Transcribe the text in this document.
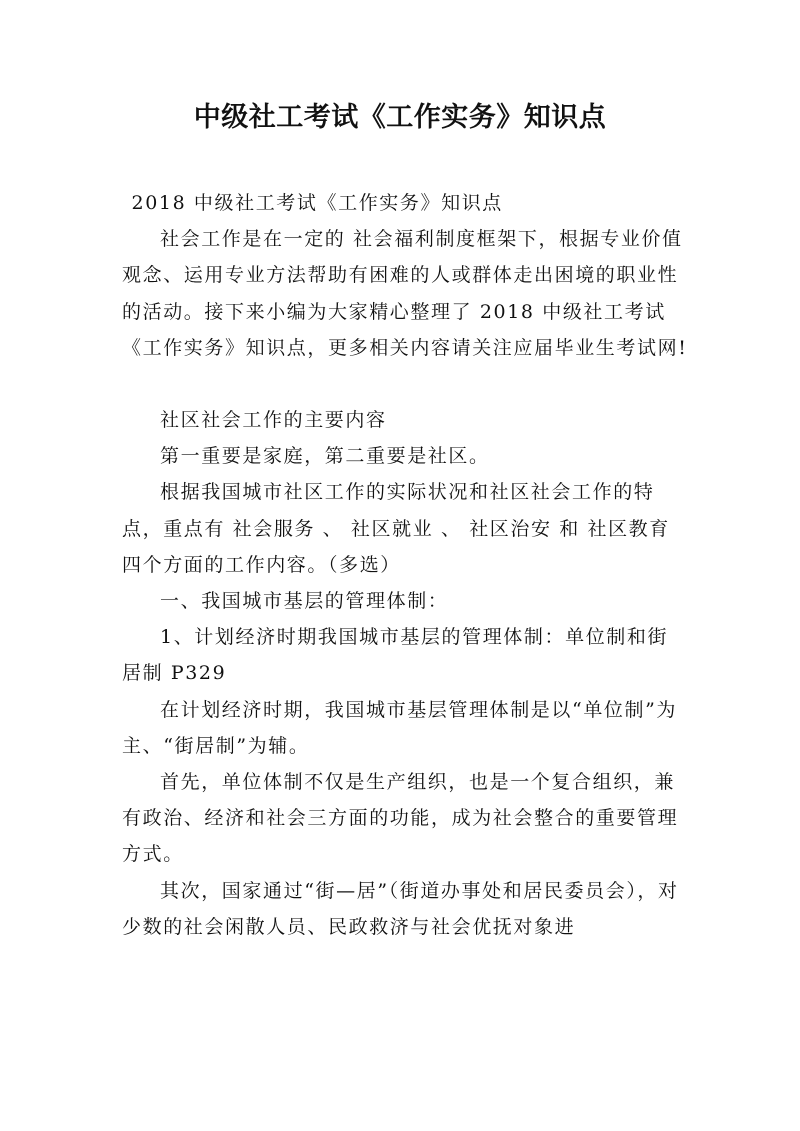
中级社工考试《工作实务》知识点

2018 中级社工考试《工作实务》知识点

社会工作是在一定的 社会福利制度框架下，根据专业价值观念、运用专业方法帮助有困难的人或群体走出困境的职业性的活动。接下来小编为大家精心整理了 2018 中级社工考试《工作实务》知识点，更多相关内容请关注应届毕业生考试网!

社区社会工作的主要内容

第一重要是家庭，第二重要是社区。

根据我国城市社区工作的实际状况和社区社会工作的特点，重点有 社会服务 、 社区就业 、 社区治安 和 社区教育 四个方面的工作内容。（多选）

一、我国城市基层的管理体制：

1、计划经济时期我国城市基层的管理体制：单位制和街居制 P329

在计划经济时期，我国城市基层管理体制是以“单位制”为主、“街居制”为辅。

首先，单位体制不仅是生产组织，也是一个复合组织，兼有政治、经济和社会三方面的功能，成为社会整合的重要管理方式。

其次，国家通过“街—居”（街道办事处和居民委员会），对少数的社会闲散人员、民政救济与社会优抚对象进
